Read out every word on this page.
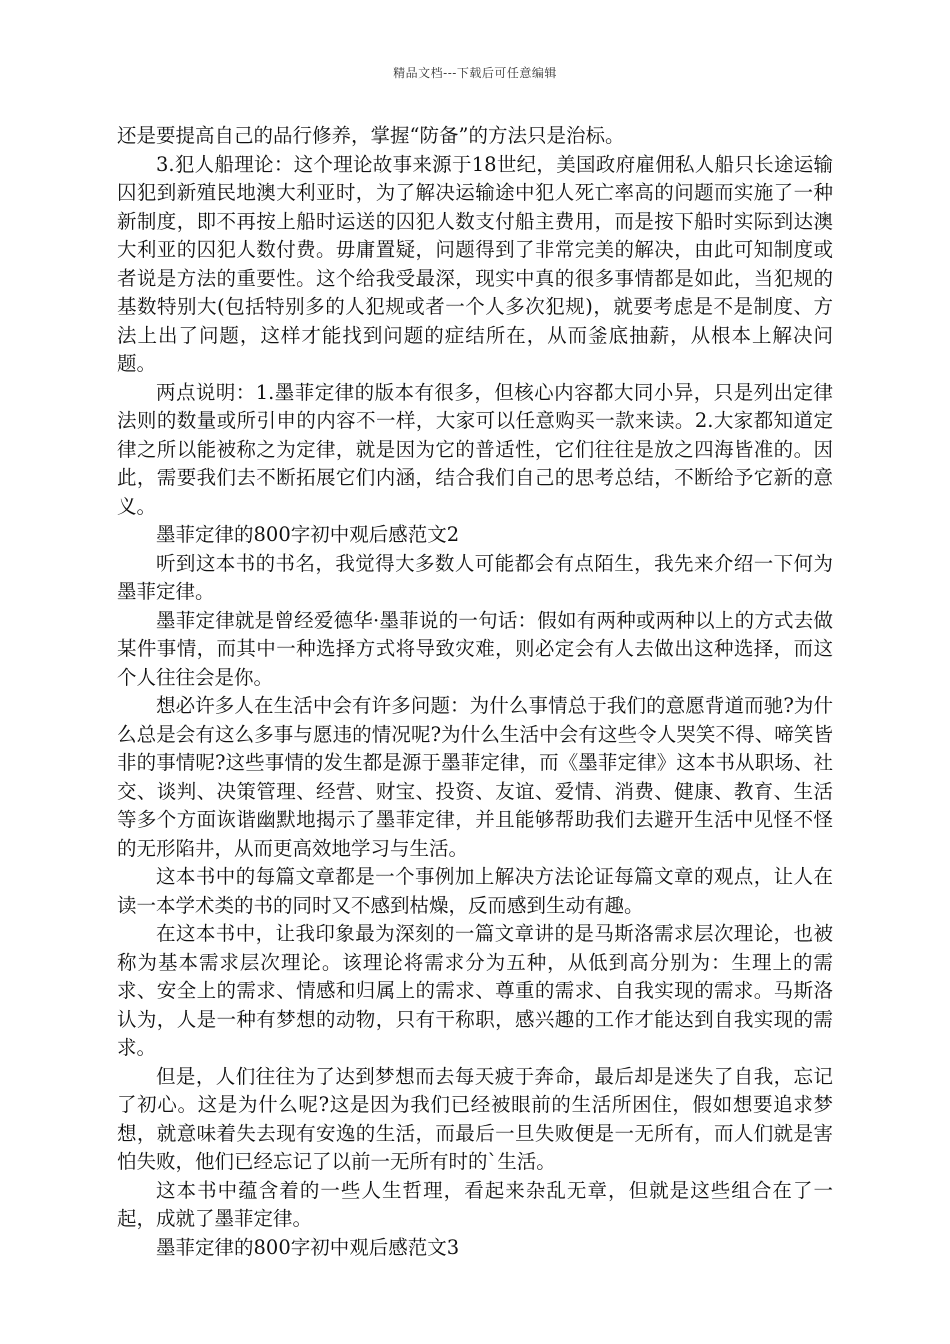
精品文档---下载后可任意编辑

还是要提高自己的品行修养，掌握“防备”的方法只是治标。

3.犯人船理论：这个理论故事来源于18世纪，美国政府雇佣私人船只长途运输囚犯到新殖民地澳大利亚时，为了解决运输途中犯人死亡率高的问题而实施了一种新制度，即不再按上船时运送的囚犯人数支付船主费用，而是按下船时实际到达澳大利亚的囚犯人数付费。毋庸置疑，问题得到了非常完美的解决，由此可知制度或者说是方法的重要性。这个给我受最深，现实中真的很多事情都是如此，当犯规的基数特别大(包括特别多的人犯规或者一个人多次犯规)，就要考虑是不是制度、方法上出了问题，这样才能找到问题的症结所在，从而釜底抽薪，从根本上解决问题。

两点说明：1.墨菲定律的版本有很多，但核心内容都大同小异，只是列出定律法则的数量或所引申的内容不一样，大家可以任意购买一款来读。2.大家都知道定律之所以能被称之为定律，就是因为它的普适性，它们往往是放之四海皆准的。因此，需要我们去不断拓展它们内涵，结合我们自己的思考总结，不断给予它新的意义。

墨菲定律的800字初中观后感范文2

听到这本书的书名，我觉得大多数人可能都会有点陌生，我先来介绍一下何为墨菲定律。

墨菲定律就是曾经爱德华·墨菲说的一句话：假如有两种或两种以上的方式去做某件事情，而其中一种选择方式将导致灾难，则必定会有人去做出这种选择，而这个人往往会是你。

想必许多人在生活中会有许多问题：为什么事情总于我们的意愿背道而驰?为什么总是会有这么多事与愿违的情况呢?为什么生活中会有这些令人哭笑不得、啼笑皆非的事情呢?这些事情的发生都是源于墨菲定律，而《墨菲定律》这本书从职场、社交、谈判、决策管理、经营、财宝、投资、友谊、爱情、消费、健康、教育、生活等多个方面诙谐幽默地揭示了墨菲定律，并且能够帮助我们去避开生活中见怪不怪的无形陷井，从而更高效地学习与生活。

这本书中的每篇文章都是一个事例加上解决方法论证每篇文章的观点，让人在读一本学术类的书的同时又不感到枯燥，反而感到生动有趣。

在这本书中，让我印象最为深刻的一篇文章讲的是马斯洛需求层次理论，也被称为基本需求层次理论。该理论将需求分为五种，从低到高分别为：生理上的需求、安全上的需求、情感和归属上的需求、尊重的需求、自我实现的需求。马斯洛认为，人是一种有梦想的动物，只有干称职，感兴趣的工作才能达到自我实现的需求。

但是，人们往往为了达到梦想而去每天疲于奔命，最后却是迷失了自我，忘记了初心。这是为什么呢?这是因为我们已经被眼前的生活所困住，假如想要追求梦想，就意味着失去现有安逸的生活，而最后一旦失败便是一无所有，而人们就是害怕失败，他们已经忘记了以前一无所有时的`生活。

这本书中蕴含着的一些人生哲理，看起来杂乱无章，但就是这些组合在了一起，成就了墨菲定律。

墨菲定律的800字初中观后感范文3
